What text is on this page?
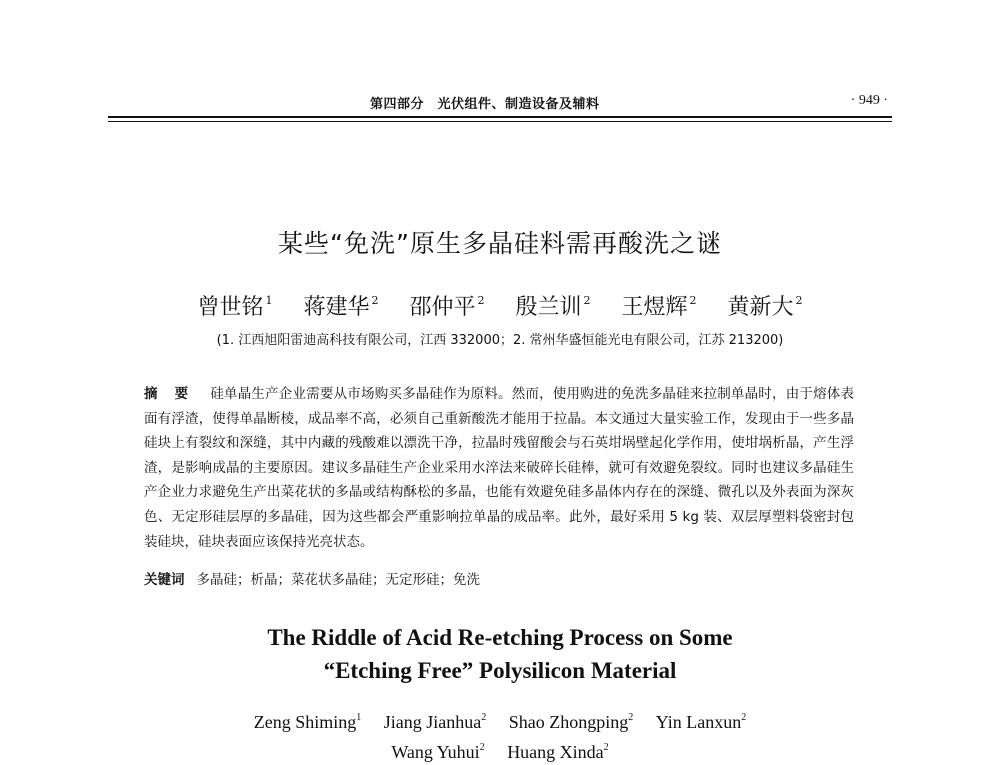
第四部分　光伏组件、制造设备及辅料	· 949 ·
某些“免洗”原生多晶硅料需再酸洗之谜
曾世铭 $^1$ 蒋建华 $^2$ 邵仲平 $^2$ 殷兰训 $^2$ 王煜辉 $^2$ 黄新大 $^2$
(1. 江西旭阳雷迪高科技有限公司，江西 332000；2. 常州华盛恒能光电有限公司，江苏 213200)
摘 要 硅单晶生产企业需要从市场购买多晶硅作为原料。然而，使用购进的免洗多晶硅来拉制单晶时，由于熔体表面有浮渣，使得单晶断棱，成品率不高，必须自己重新酸洗才能用于拉晶。本文通过大量实验工作，发现由于一些多晶硅块上有裂纹和深缝，其中内藏的残酸难以漂洗干净，拉晶时残留酸会与石英坩埚壁起化学作用，使坩埚析晶，产生浮渣，是影响成晶的主要原因。建议多晶硅生产企业采用水淬法来破碎长硅棒，就可有效避免裂纹。同时也建议多晶硅生产企业力求避免生产出菜花状的多晶或结构酥松的多晶，也能有效避免硅多晶体内存在的深缝、微孔以及外表面为深灰色、无定形硅层厚的多晶硅，因为这些都会严重影响拉单晶的成品率。此外，最好采用 5 kg 装、双层厚塑料袋密封包装硅块，硅块表面应该保持光亮状态。
关键词 多晶硅；析晶；菜花状多晶硅；无定形硅；免洗
The Riddle of Acid Re-etching Process on Some
“Etching Free” Polysilicon Material
Zeng Shiming$^1$ Jiang Jianhua$^2$ Shao Zhongping$^2$ Yin Lanxun$^2$
Wang Yuhui$^2$ Huang Xinda$^2$
